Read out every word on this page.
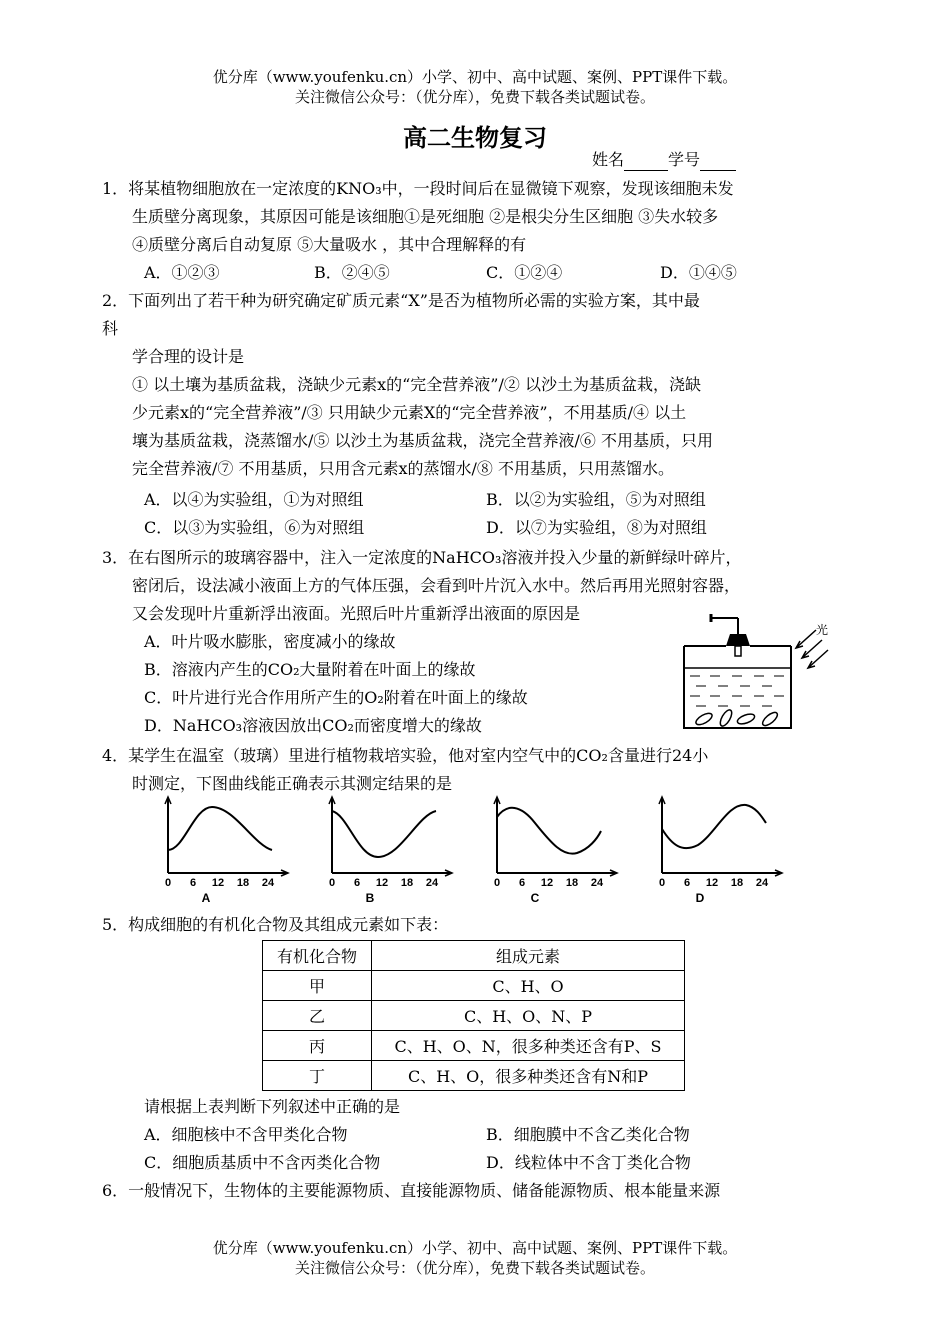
优分库（www.youfenku.cn）小学、初中、高中试题、案例、PPT课件下载。
关注微信公众号：（优分库），免费下载各类试题试卷。
高二生物复习
姓名	学号
1．将某植物细胞放在一定浓度的KNO₃中，一段时间后在显微镜下观察，发现该细胞未发
生质壁分离现象，其原因可能是该细胞①是死细胞 ②是根尖分生区细胞 ③失水较多
④质壁分离后自动复原 ⑤大量吸水 ，其中合理解释的有
A．①②③	B．②④⑤	C．①②④	D．①④⑤
2．下面列出了若干种为研究确定矿质元素“X”是否为植物所必需的实验方案，其中最
科
学合理的设计是
① 以土壤为基质盆栽，浇缺少元素x的“完全营养液”/② 以沙土为基质盆栽，浇缺
少元素x的“完全营养液”/③ 只用缺少元素X的“完全营养液”，不用基质/④ 以土
壤为基质盆栽，浇蒸馏水/⑤ 以沙土为基质盆栽，浇完全营养液/⑥ 不用基质，只用
完全营养液/⑦ 不用基质，只用含元素x的蒸馏水/⑧ 不用基质，只用蒸馏水。
A．以④为实验组，①为对照组	B．以②为实验组，⑤为对照组
C．以③为实验组，⑥为对照组	D．以⑦为实验组，⑧为对照组
3．在右图所示的玻璃容器中，注入一定浓度的NaHCO₃溶液并投入少量的新鲜绿叶碎片，
密闭后，设法减小液面上方的气体压强，会看到叶片沉入水中。然后再用光照射容器，
又会发现叶片重新浮出液面。光照后叶片重新浮出液面的原因是
A．叶片吸水膨胀，密度减小的缘故
B．溶液内产生的CO₂大量附着在叶面上的缘故
C．叶片进行光合作用所产生的O₂附着在叶面上的缘故
D．NaHCO₃溶液因放出CO₂而密度增大的缘故
光
4．某学生在温室（玻璃）里进行植物栽培实验，他对室内空气中的CO₂含量进行24小
时测定，下图曲线能正确表示其测定结果的是
0 6 12 18 24
A
0 6 12 18 24
B
0 6 12 18 24
C
0 6 12 18 24
D
5．构成细胞的有机化合物及其组成元素如下表：
有机化合物	组成元素
甲	C、H、O
乙	C、H、O、N、P
丙	C、H、O、N，很多种类还含有P、S
丁	C、H、O，很多种类还含有N和P
请根据上表判断下列叙述中正确的是
A．细胞核中不含甲类化合物	B．细胞膜中不含乙类化合物
C．细胞质基质中不含丙类化合物	D．线粒体中不含丁类化合物
6．一般情况下，生物体的主要能源物质、直接能源物质、储备能源物质、根本能量来源
优分库（www.youfenku.cn）小学、初中、高中试题、案例、PPT课件下载。
关注微信公众号：（优分库），免费下载各类试题试卷。
